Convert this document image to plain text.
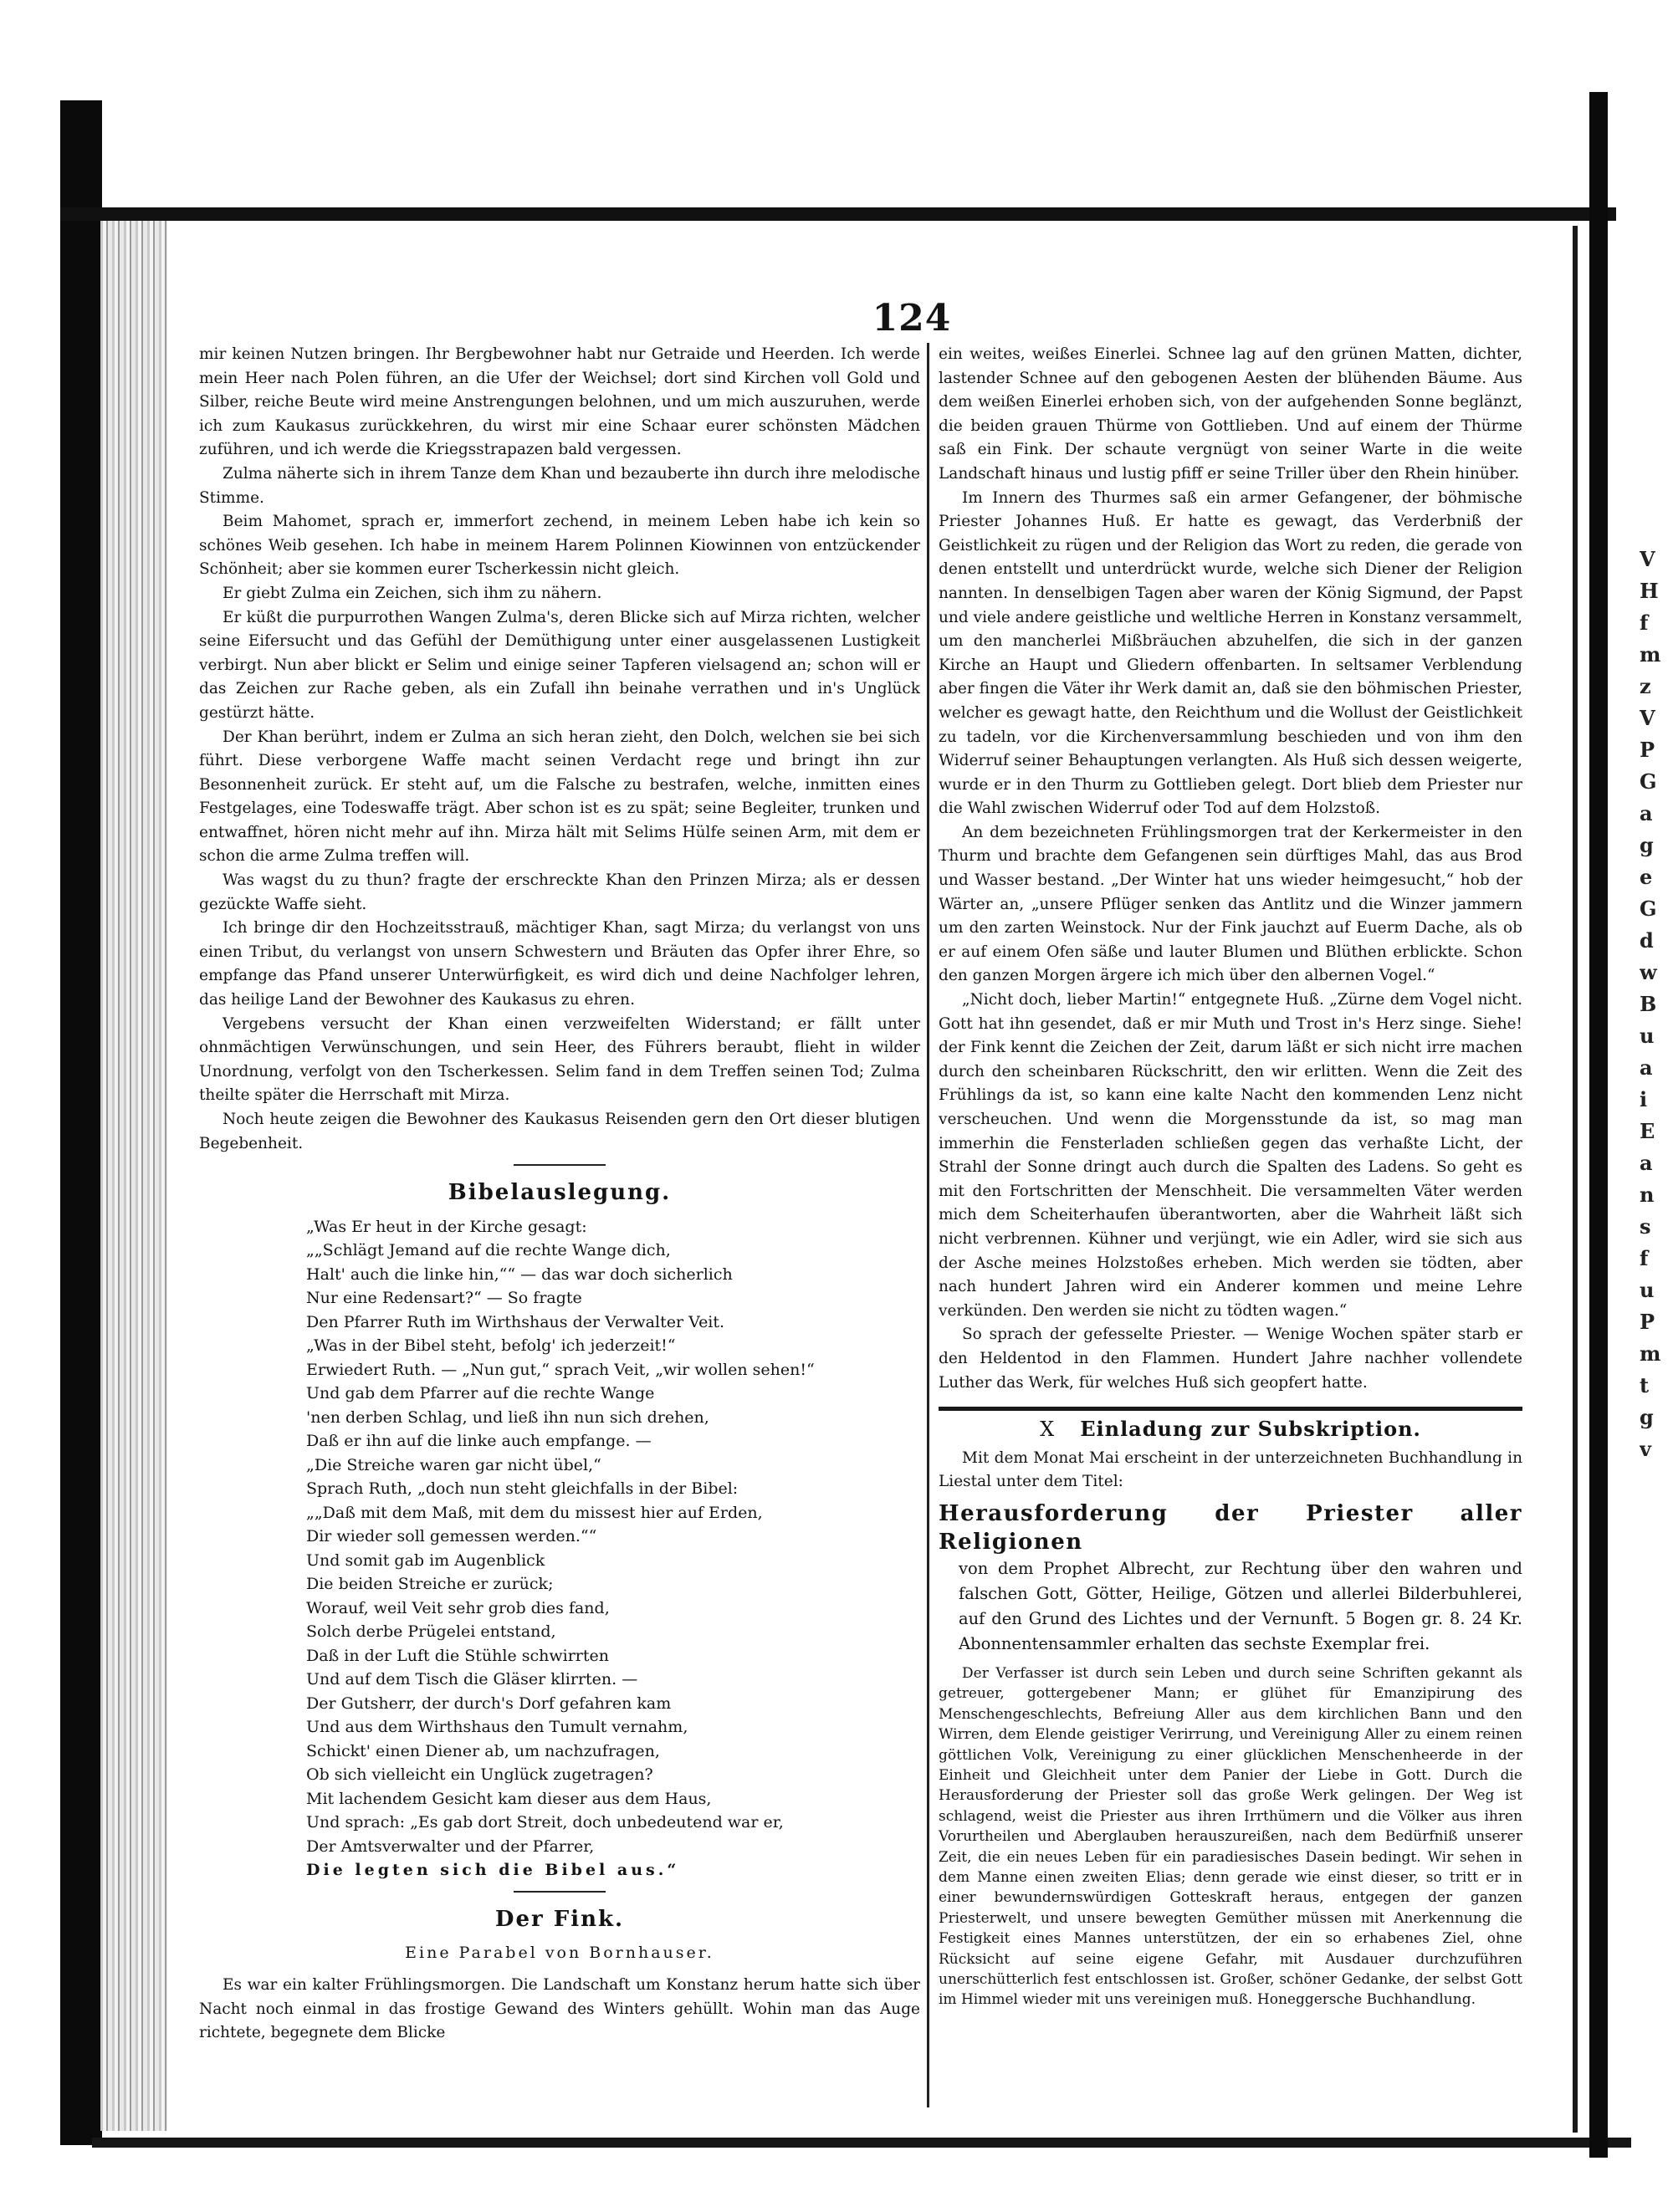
V
H
f
m
z
V
P
G
a
g
e
G
d
w
B
u
a
i
E
a
n
s
f
u
P
m
t
g
v
124

mir keinen Nutzen bringen. Ihr Bergbewohner habt nur Getraide und Heerden. Ich werde mein Heer nach Polen führen, an die Ufer der Weichsel; dort sind Kirchen voll Gold und Silber, reiche Beute wird meine Anstrengungen belohnen, und um mich auszuruhen, werde ich zum Kaukasus zurückkehren, du wirst mir eine Schaar eurer schönsten Mädchen zuführen, und ich werde die Kriegsstrapazen bald vergessen.

Zulma näherte sich in ihrem Tanze dem Khan und bezauberte ihn durch ihre melodische Stimme.

Beim Mahomet, sprach er, immerfort zechend, in meinem Leben habe ich kein so schönes Weib gesehen. Ich habe in meinem Harem Polinnen Kiowinnen von entzückender Schönheit; aber sie kommen eurer Tscherkessin nicht gleich.

Er giebt Zulma ein Zeichen, sich ihm zu nähern.

Er küßt die purpurrothen Wangen Zulma's, deren Blicke sich auf Mirza richten, welcher seine Eifersucht und das Gefühl der Demüthigung unter einer ausgelassenen Lustigkeit verbirgt. Nun aber blickt er Selim und einige seiner Tapferen vielsagend an; schon will er das Zeichen zur Rache geben, als ein Zufall ihn beinahe verrathen und in's Unglück gestürzt hätte.

Der Khan berührt, indem er Zulma an sich heran zieht, den Dolch, welchen sie bei sich führt. Diese verborgene Waffe macht seinen Verdacht rege und bringt ihn zur Besonnenheit zurück. Er steht auf, um die Falsche zu bestrafen, welche, inmitten eines Festgelages, eine Todeswaffe trägt. Aber schon ist es zu spät; seine Begleiter, trunken und entwaffnet, hören nicht mehr auf ihn. Mirza hält mit Selims Hülfe seinen Arm, mit dem er schon die arme Zulma treffen will.

Was wagst du zu thun? fragte der erschreckte Khan den Prinzen Mirza; als er dessen gezückte Waffe sieht.

Ich bringe dir den Hochzeitsstrauß, mächtiger Khan, sagt Mirza; du verlangst von uns einen Tribut, du verlangst von unsern Schwestern und Bräuten das Opfer ihrer Ehre, so empfange das Pfand unserer Unterwürfigkeit, es wird dich und deine Nachfolger lehren, das heilige Land der Bewohner des Kaukasus zu ehren.

Vergebens versucht der Khan einen verzweifelten Widerstand; er fällt unter ohnmächtigen Verwünschungen, und sein Heer, des Führers beraubt, flieht in wilder Unordnung, verfolgt von den Tscherkessen. Selim fand in dem Treffen seinen Tod; Zulma theilte später die Herrschaft mit Mirza.

Noch heute zeigen die Bewohner des Kaukasus Reisenden gern den Ort dieser blutigen Begebenheit.

Bibelauslegung.
„Was Er heut in der Kirche gesagt:
„„Schlägt Jemand auf die rechte Wange dich,
Halt' auch die linke hin,““ — das war doch sicherlich
Nur eine Redensart?“ — So fragte
Den Pfarrer Ruth im Wirthshaus der Verwalter Veit.
„Was in der Bibel steht, befolg' ich jederzeit!“
Erwiedert Ruth. — „Nun gut,“ sprach Veit, „wir wollen sehen!“
Und gab dem Pfarrer auf die rechte Wange
'nen derben Schlag, und ließ ihn nun sich drehen,
Daß er ihn auf die linke auch empfange. —
„Die Streiche waren gar nicht übel,“
Sprach Ruth, „doch nun steht gleichfalls in der Bibel:
„„Daß mit dem Maß, mit dem du missest hier auf Erden,
Dir wieder soll gemessen werden.““
Und somit gab im Augenblick
Die beiden Streiche er zurück;
Worauf, weil Veit sehr grob dies fand,
Solch derbe Prügelei entstand,
Daß in der Luft die Stühle schwirrten
Und auf dem Tisch die Gläser klirrten. —
Der Gutsherr, der durch's Dorf gefahren kam
Und aus dem Wirthshaus den Tumult vernahm,
Schickt' einen Diener ab, um nachzufragen,
Ob sich vielleicht ein Unglück zugetragen?
Mit lachendem Gesicht kam dieser aus dem Haus,
Und sprach: „Es gab dort Streit, doch unbedeutend war er,
Der Amtsverwalter und der Pfarrer,
Die legten sich die Bibel aus.“
Der Fink.
Eine Parabel von Bornhauser.

Es war ein kalter Frühlingsmorgen. Die Landschaft um Konstanz herum hatte sich über Nacht noch einmal in das frostige Gewand des Winters gehüllt. Wohin man das Auge richtete, begegnete dem Blicke

ein weites, weißes Einerlei. Schnee lag auf den grünen Matten, dichter, lastender Schnee auf den gebogenen Aesten der blühenden Bäume. Aus dem weißen Einerlei erhoben sich, von der aufgehenden Sonne beglänzt, die beiden grauen Thürme von Gottlieben. Und auf einem der Thürme saß ein Fink. Der schaute vergnügt von seiner Warte in die weite Landschaft hinaus und lustig pfiff er seine Triller über den Rhein hinüber.

Im Innern des Thurmes saß ein armer Gefangener, der böhmische Priester Johannes Huß. Er hatte es gewagt, das Verderbniß der Geistlichkeit zu rügen und der Religion das Wort zu reden, die gerade von denen entstellt und unterdrückt wurde, welche sich Diener der Religion nannten. In denselbigen Tagen aber waren der König Sigmund, der Papst und viele andere geistliche und weltliche Herren in Konstanz versammelt, um den mancherlei Mißbräuchen abzuhelfen, die sich in der ganzen Kirche an Haupt und Gliedern offenbarten. In seltsamer Verblendung aber fingen die Väter ihr Werk damit an, daß sie den böhmischen Priester, welcher es gewagt hatte, den Reichthum und die Wollust der Geistlichkeit zu tadeln, vor die Kirchenversammlung beschieden und von ihm den Widerruf seiner Behauptungen verlangten. Als Huß sich dessen weigerte, wurde er in den Thurm zu Gottlieben gelegt. Dort blieb dem Priester nur die Wahl zwischen Widerruf oder Tod auf dem Holzstoß.

An dem bezeichneten Frühlingsmorgen trat der Kerkermeister in den Thurm und brachte dem Gefangenen sein dürftiges Mahl, das aus Brod und Wasser bestand. „Der Winter hat uns wieder heimgesucht,“ hob der Wärter an, „unsere Pflüger senken das Antlitz und die Winzer jammern um den zarten Weinstock. Nur der Fink jauchzt auf Euerm Dache, als ob er auf einem Ofen säße und lauter Blumen und Blüthen erblickte. Schon den ganzen Morgen ärgere ich mich über den albernen Vogel.“

„Nicht doch, lieber Martin!“ entgegnete Huß. „Zürne dem Vogel nicht. Gott hat ihn gesendet, daß er mir Muth und Trost in's Herz singe. Siehe! der Fink kennt die Zeichen der Zeit, darum läßt er sich nicht irre machen durch den scheinbaren Rückschritt, den wir erlitten. Wenn die Zeit des Frühlings da ist, so kann eine kalte Nacht den kommenden Lenz nicht verscheuchen. Und wenn die Morgensstunde da ist, so mag man immerhin die Fensterladen schließen gegen das verhaßte Licht, der Strahl der Sonne dringt auch durch die Spalten des Ladens. So geht es mit den Fortschritten der Menschheit. Die versammelten Väter werden mich dem Scheiterhaufen überantworten, aber die Wahrheit läßt sich nicht verbrennen. Kühner und verjüngt, wie ein Adler, wird sie sich aus der Asche meines Holzstoßes erheben. Mich werden sie tödten, aber nach hundert Jahren wird ein Anderer kommen und meine Lehre verkünden. Den werden sie nicht zu tödten wagen.“

So sprach der gefesselte Priester. — Wenige Wochen später starb er den Heldentod in den Flammen. Hundert Jahre nachher vollendete Luther das Werk, für welches Huß sich geopfert hatte.

X Einladung zur Subskription.

Mit dem Monat Mai erscheint in der unterzeichneten Buchhandlung in Liestal unter dem Titel:

Herausforderung der Priester aller Religionen
von dem Prophet Albrecht, zur Rechtung über den wahren und falschen Gott, Götter, Heilige, Götzen und allerlei Bilderbuhlerei, auf den Grund des Lichtes und der Vernunft. 5 Bogen gr. 8. 24 Kr. Abonnentensammler erhalten das sechste Exemplar frei.

Der Verfasser ist durch sein Leben und durch seine Schriften gekannt als getreuer, gottergebener Mann; er glühet für Emanzipirung des Menschengeschlechts, Befreiung Aller aus dem kirchlichen Bann und den Wirren, dem Elende geistiger Verirrung, und Vereinigung Aller zu einem reinen göttlichen Volk, Vereinigung zu einer glücklichen Menschenheerde in der Einheit und Gleichheit unter dem Panier der Liebe in Gott. Durch die Herausforderung der Priester soll das große Werk gelingen. Der Weg ist schlagend, weist die Priester aus ihren Irrthümern und die Völker aus ihren Vorurtheilen und Aberglauben herauszureißen, nach dem Bedürfniß unserer Zeit, die ein neues Leben für ein paradiesisches Dasein bedingt. Wir sehen in dem Manne einen zweiten Elias; denn gerade wie einst dieser, so tritt er in einer bewundernswürdigen Gotteskraft heraus, entgegen der ganzen Priesterwelt, und unsere bewegten Gemüther müssen mit Anerkennung die Festigkeit eines Mannes unterstützen, der ein so erhabenes Ziel, ohne Rücksicht auf seine eigene Gefahr, mit Ausdauer durchzuführen unerschütterlich fest entschlossen ist. Großer, schöner Gedanke, der selbst Gott im Himmel wieder mit uns vereinigen muß. Honeggersche Buchhandlung.
